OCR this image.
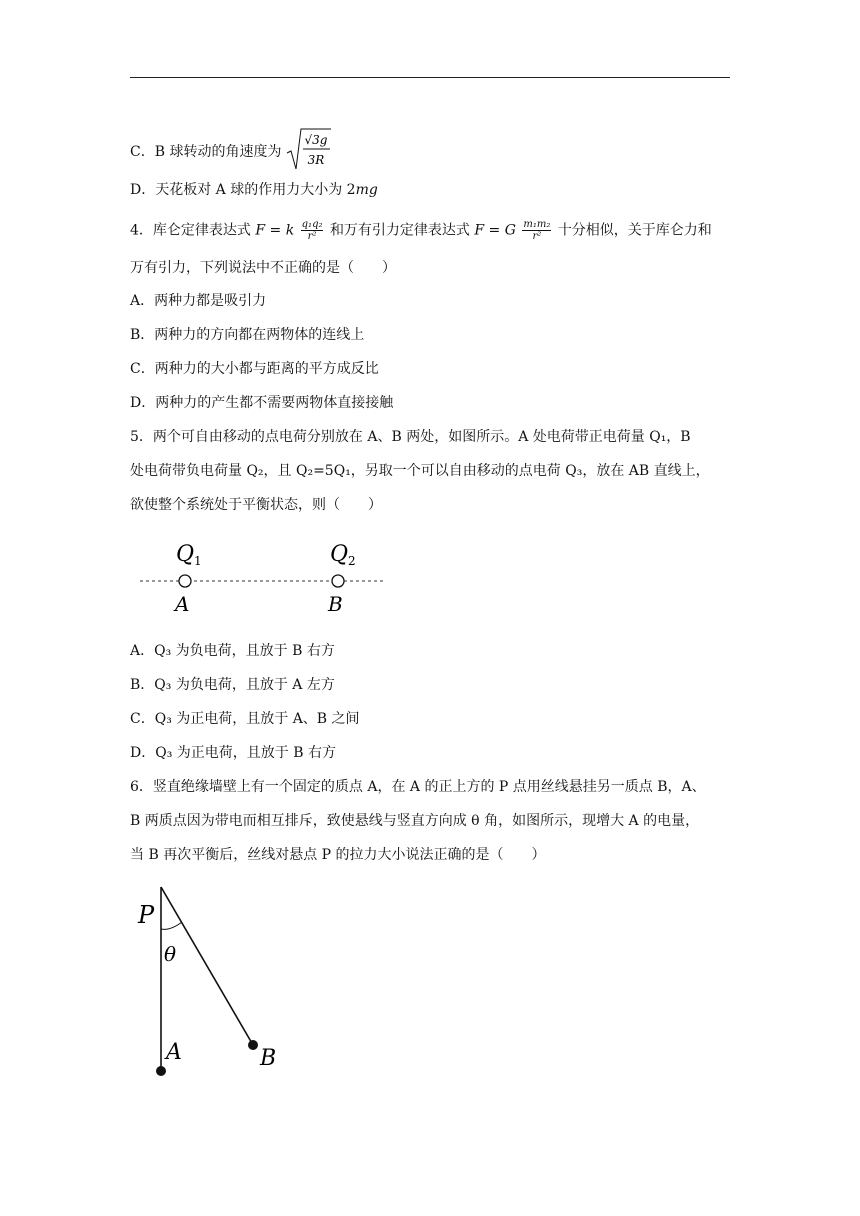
C．B 球转动的角速度为
√3g
3R
D．天花板对 A 球的作用力大小为 2mg
4．库仑定律表达式 F = k $\frac{\text{q₁q₂}}{\text{r²}}$ 和万有引力定律表达式 F = G $\frac{\text{m₁m₂}}{\text{r²}}$ 十分相似，关于库仑力和
万有引力，下列说法中不正确的是（　　）
A．两种力都是吸引力
B．两种力的方向都在两物体的连线上
C．两种力的大小都与距离的平方成反比
D．两种力的产生都不需要两物体直接接触
5．两个可自由移动的点电荷分别放在 A、B 两处，如图所示。A 处电荷带正电荷量 Q₁，B
处电荷带负电荷量 Q₂，且 Q₂=5Q₁，另取一个可以自由移动的点电荷 Q₃，放在 AB 直线上，
欲使整个系统处于平衡状态，则（　　）
Q 1	Q 2
A	B
A．Q₃ 为负电荷，且放于 B 右方
B．Q₃ 为负电荷，且放于 A 左方
C．Q₃ 为正电荷，且放于 A、B 之间
D．Q₃ 为正电荷，且放于 B 右方
6．竖直绝缘墙壁上有一个固定的质点 A，在 A 的正上方的 P 点用丝线悬挂另一质点 B，A、
B 两质点因为带电而相互排斥，致使悬线与竖直方向成 θ 角，如图所示，现增大 A 的电量，
当 B 再次平衡后，丝线对悬点 P 的拉力大小说法正确的是（　　）
P
θ
A	B
